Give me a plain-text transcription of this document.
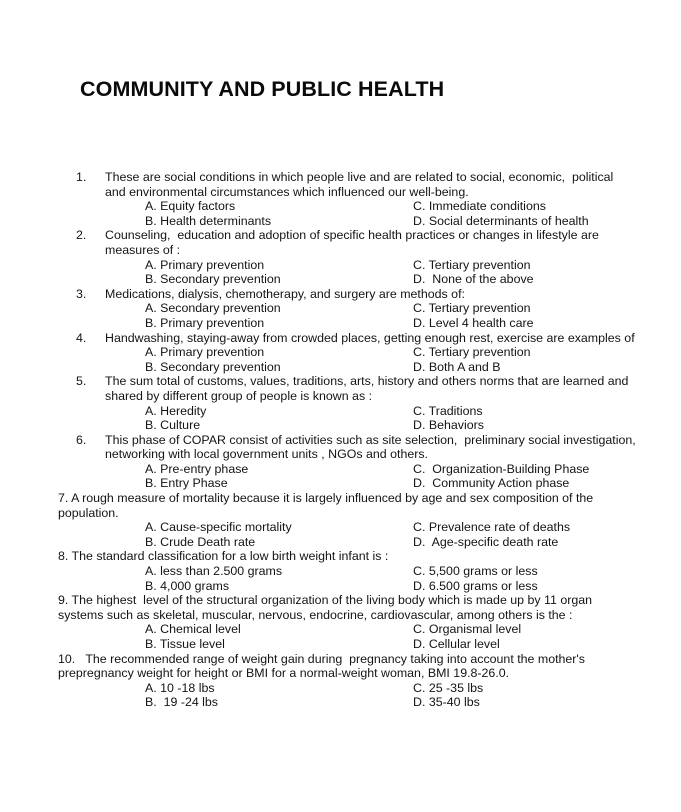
COMMUNITY AND PUBLIC HEALTH
1. These are social conditions in which people live and are related to social, economic,  political
and environmental circumstances which influenced our well-being.
A. Equity factors	C. Immediate conditions
B. Health determinants	D. Social determinants of health
2. Counseling,  education and adoption of specific health practices or changes in lifestyle are
measures of :
A. Primary prevention	C. Tertiary prevention
B. Secondary prevention	D.  None of the above
3. Medications, dialysis, chemotherapy, and surgery are methods of:
A. Secondary prevention	C. Tertiary prevention
B. Primary prevention	D. Level 4 health care
4. Handwashing, staying-away from crowded places, getting enough rest, exercise are examples of
A. Primary prevention	C. Tertiary prevention
B. Secondary prevention	D. Both A and B
5. The sum total of customs, values, traditions, arts, history and others norms that are learned and
shared by different group of people is known as :
A. Heredity	C. Traditions
B. Culture	D. Behaviors
6. This phase of COPAR consist of activities such as site selection,  preliminary social investigation,
networking with local government units , NGOs and others.
A. Pre-entry phase	C.  Organization-Building Phase
B. Entry Phase	D.  Community Action phase
7. A rough measure of mortality because it is largely influenced by age and sex composition of the
population.
A. Cause-specific mortality	C. Prevalence rate of deaths
B. Crude Death rate	D.  Age-specific death rate
8. The standard classification for a low birth weight infant is :
A. less than 2.500 grams	C. 5,500 grams or less
B. 4,000 grams	D. 6.500 grams or less
9. The highest  level of the structural organization of the living body which is made up by 11 organ
systems such as skeletal, muscular, nervous, endocrine, cardiovascular, among others is the :
A. Chemical level	C. Organismal level
B. Tissue level	D. Cellular level
10.   The recommended range of weight gain during  pregnancy taking into account the mother's
prepregnancy weight for height or BMI for a normal-weight woman, BMI 19.8-26.0.
A. 10 -18 lbs	C. 25 -35 lbs
B.  19 -24 lbs	D. 35-40 lbs
